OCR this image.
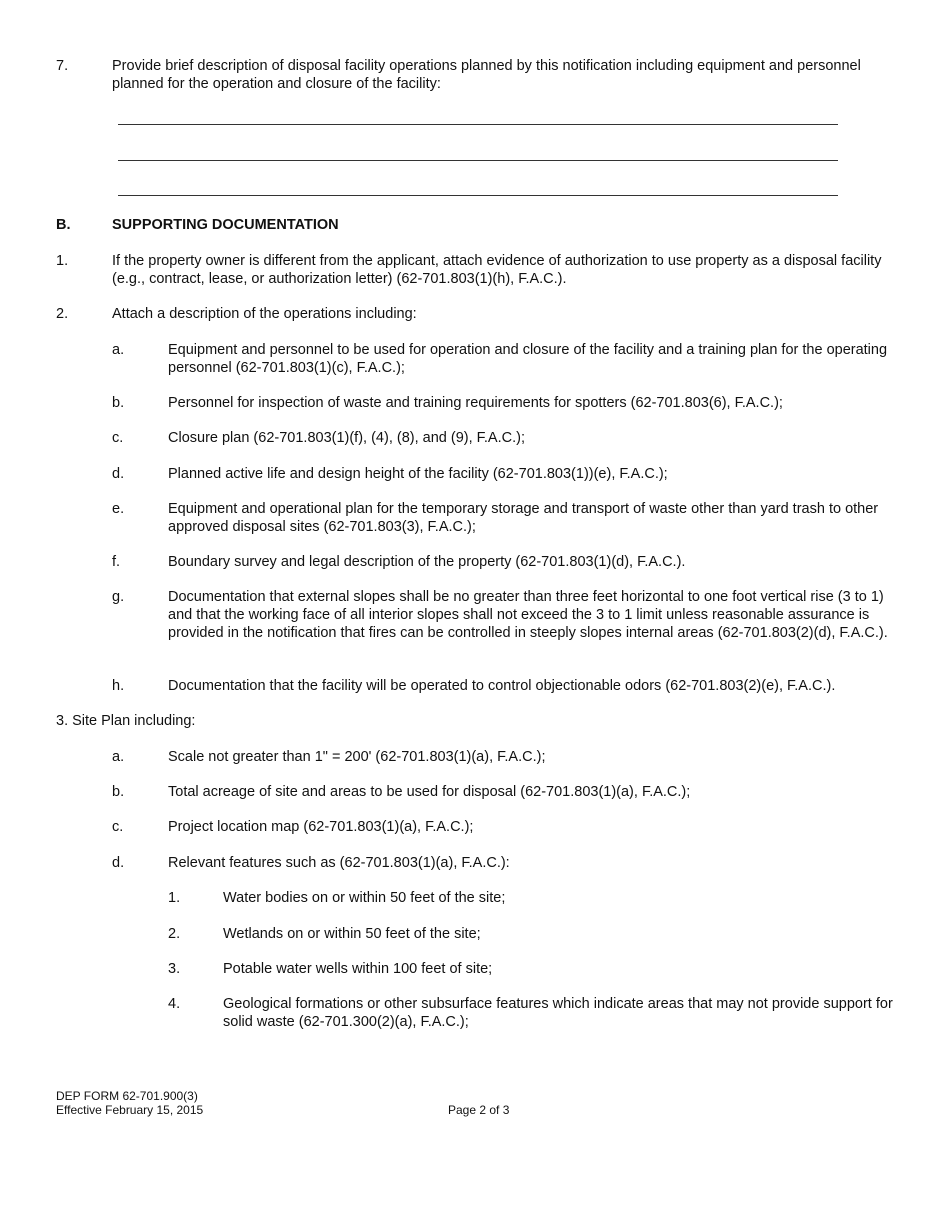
7.	Provide brief description of disposal facility operations planned by this notification including equipment and personnel planned for the operation and closure of the facility:
B.	SUPPORTING DOCUMENTATION
1.	If the property owner is different from the applicant, attach evidence of authorization to use property as a disposal facility (e.g., contract, lease, or authorization letter) (62-701.803(1)(h), F.A.C.).
2.	Attach a description of the operations including:
a.	Equipment and personnel to be used for operation and closure of the facility and a training plan for the operating personnel (62-701.803(1)(c), F.A.C.);
b.	Personnel for inspection of waste and training requirements for spotters (62-701.803(6), F.A.C.);
c.	Closure plan (62-701.803(1)(f), (4), (8), and (9), F.A.C.);
d.	Planned active life and design height of the facility (62-701.803(1))(e), F.A.C.);
e.	Equipment and operational plan for the temporary storage and transport of waste other than yard trash to other approved disposal sites (62-701.803(3), F.A.C.);
f.	Boundary survey and legal description of the property (62-701.803(1)(d), F.A.C.).
g.	Documentation that external slopes shall be no greater than three feet horizontal to one foot vertical rise (3 to 1) and that the working face of all interior slopes shall not exceed the 3 to 1 limit unless reasonable assurance is provided in the notification that fires can be controlled in steeply slopes internal areas (62-701.803(2)(d), F.A.C.).
h.	Documentation that the facility will be operated to control objectionable odors (62-701.803(2)(e), F.A.C.).
3. Site Plan including:
a.	Scale not greater than 1" = 200' (62-701.803(1)(a), F.A.C.);
b.	Total acreage of site and areas to be used for disposal (62-701.803(1)(a), F.A.C.);
c.	Project location map (62-701.803(1)(a), F.A.C.);
d.	Relevant features such as (62-701.803(1)(a), F.A.C.):
1.	Water bodies on or within 50 feet of the site;
2.	Wetlands on or within 50 feet of the site;
3.	Potable water wells within 100 feet of site;
4.	Geological formations or other subsurface features which indicate areas that may not provide support for solid waste (62-701.300(2)(a), F.A.C.);
DEP FORM 62-701.900(3)
Effective February 15, 2015	Page 2 of 3
